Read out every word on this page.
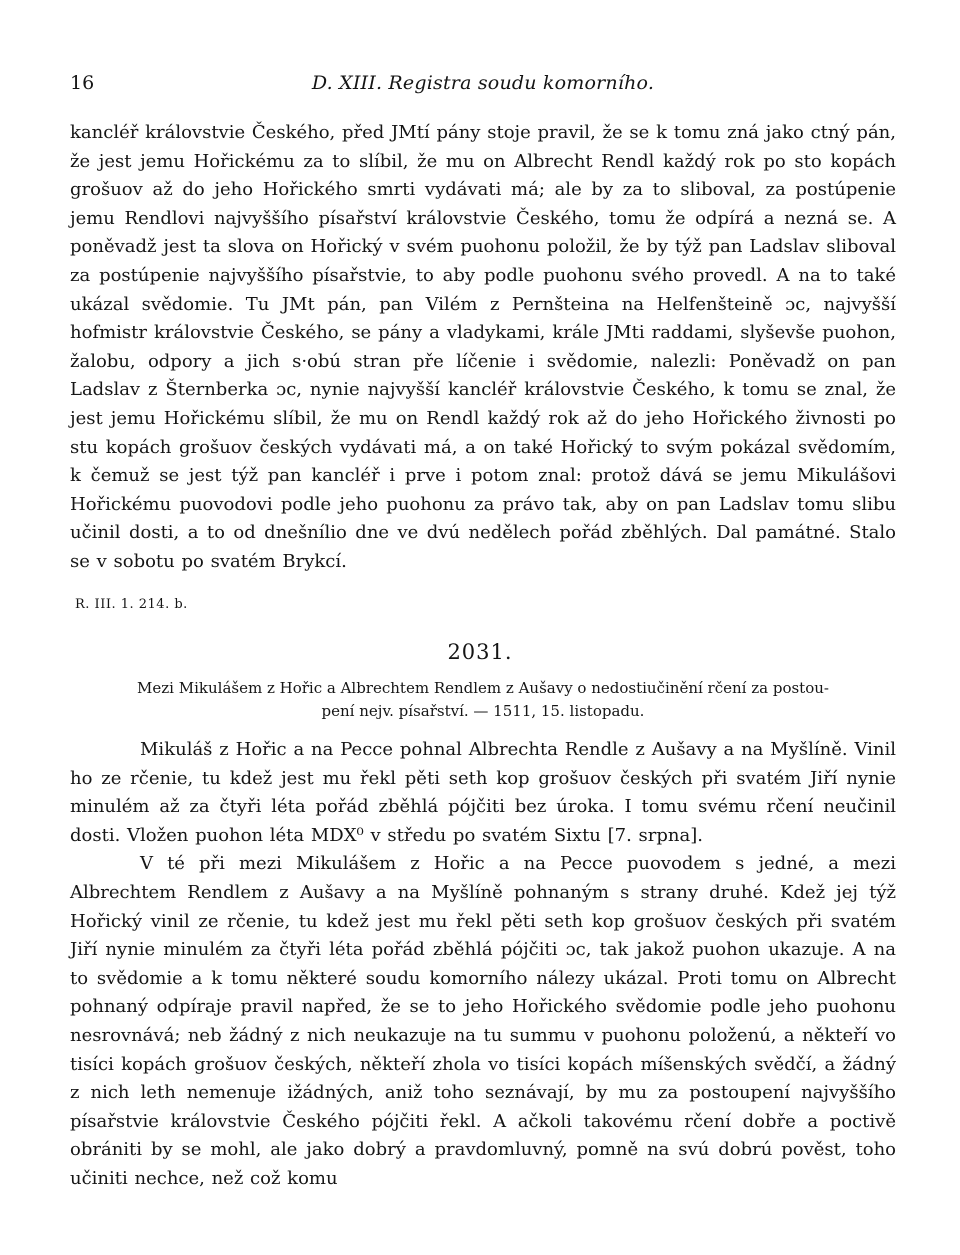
16	D. XIII. Registra soudu komorního.

kancléř královstvie Českého, před JMtí pány stoje pravil, že se k tomu zná jako ctný pán, že jest jemu Hořickému za to slíbil, že mu on Albrecht Rendl každý rok po sto kopách grošuov až do jeho Hořického smrti vydávati má; ale by za to sliboval, za postúpenie jemu Rendlovi najvyššího písařství královstvie Českého, tomu že odpírá a nezná se. A poněvadž jest ta slova on Hořický v svém puohonu položil, že by týž pan Ladslav sliboval za postúpenie najvyššího písařstvie, to aby podle puohonu svého provedl. A na to také ukázal svědomie. Tu JMt pán, pan Vilém z Pernšteina na Helfenšteině ɔc, najvyšší hofmistr královstvie Českého, se pány a vladykami, krále JMti raddami, slyševše puohon, žalobu, odpory a jich s·obú stran pře líčenie i svědomie, nalezli: Poněvadž on pan Ladslav z Šternberka ɔc, nynie najvyšší kancléř královstvie Českého, k tomu se znal, že jest jemu Hořickému slíbil, že mu on Rendl každý rok až do jeho Hořického živnosti po stu kopách grošuov českých vydávati má, a on také Hořický to svým pokázal svědomím, k čemuž se jest týž pan kancléř i prve i potom znal: protož dává se jemu Mikulášovi Hořickému puovodovi podle jeho puohonu za právo tak, aby on pan Ladslav tomu slibu učinil dosti, a to od dnešnílio dne ve dvú nedělech pořád zběhlých. Dal památné. Stalo se v sobotu po svatém Brykcí.

R. III. 1. 214. b.
2031.
Mezi Mikulášem z Hořic a Albrechtem Rendlem z Aušavy o nedostiučinění rčení za postou-
pení nejv. písařství. — 1511, 15. listopadu.

Mikuláš z Hořic a na Pecce pohnal Albrechta Rendle z Aušavy a na Myšlíně. Vinil ho ze rčenie, tu kdež jest mu řekl pěti seth kop grošuov českých při svatém Jiří nynie minulém až za čtyři léta pořád zběhlá pójčiti bez úroka. I tomu svému rčení neučinil dosti. Vložen puohon léta MDX⁰ v středu po svatém Sixtu [7. srpna].

V té při mezi Mikulášem z Hořic a na Pecce puovodem s jedné, a mezi Albrechtem Rendlem z Aušavy a na Myšlíně pohnaným s strany druhé. Kdež jej týž Hořický vinil ze rčenie, tu kdež jest mu řekl pěti seth kop grošuov českých při svatém Jiří nynie minulém za čtyři léta pořád zběhlá pójčiti ɔc, tak jakož puohon ukazuje. A na to svědomie a k tomu některé soudu komorního nálezy ukázal. Proti tomu on Albrecht pohnaný odpíraje pravil napřed, že se to jeho Hořického svědomie podle jeho puohonu nesrovnává; neb žádný z nich neukazuje na tu summu v puohonu položenú, a někteří vo tisíci kopách grošuov českých, někteří zhola vo tisíci kopách míšenských svědčí, a žádný z nich leth nemenuje ižádných, aniž toho seznávají, by mu za postoupení najvyššího písařstvie královstvie Českého pójčiti řekl. A ačkoli takovému rčení dobře a poctivě obrániti by se mohl, ale jako dobrý a pravdomluvný, pomně na svú dobrú pověst, toho učiniti nechce, než což komu
